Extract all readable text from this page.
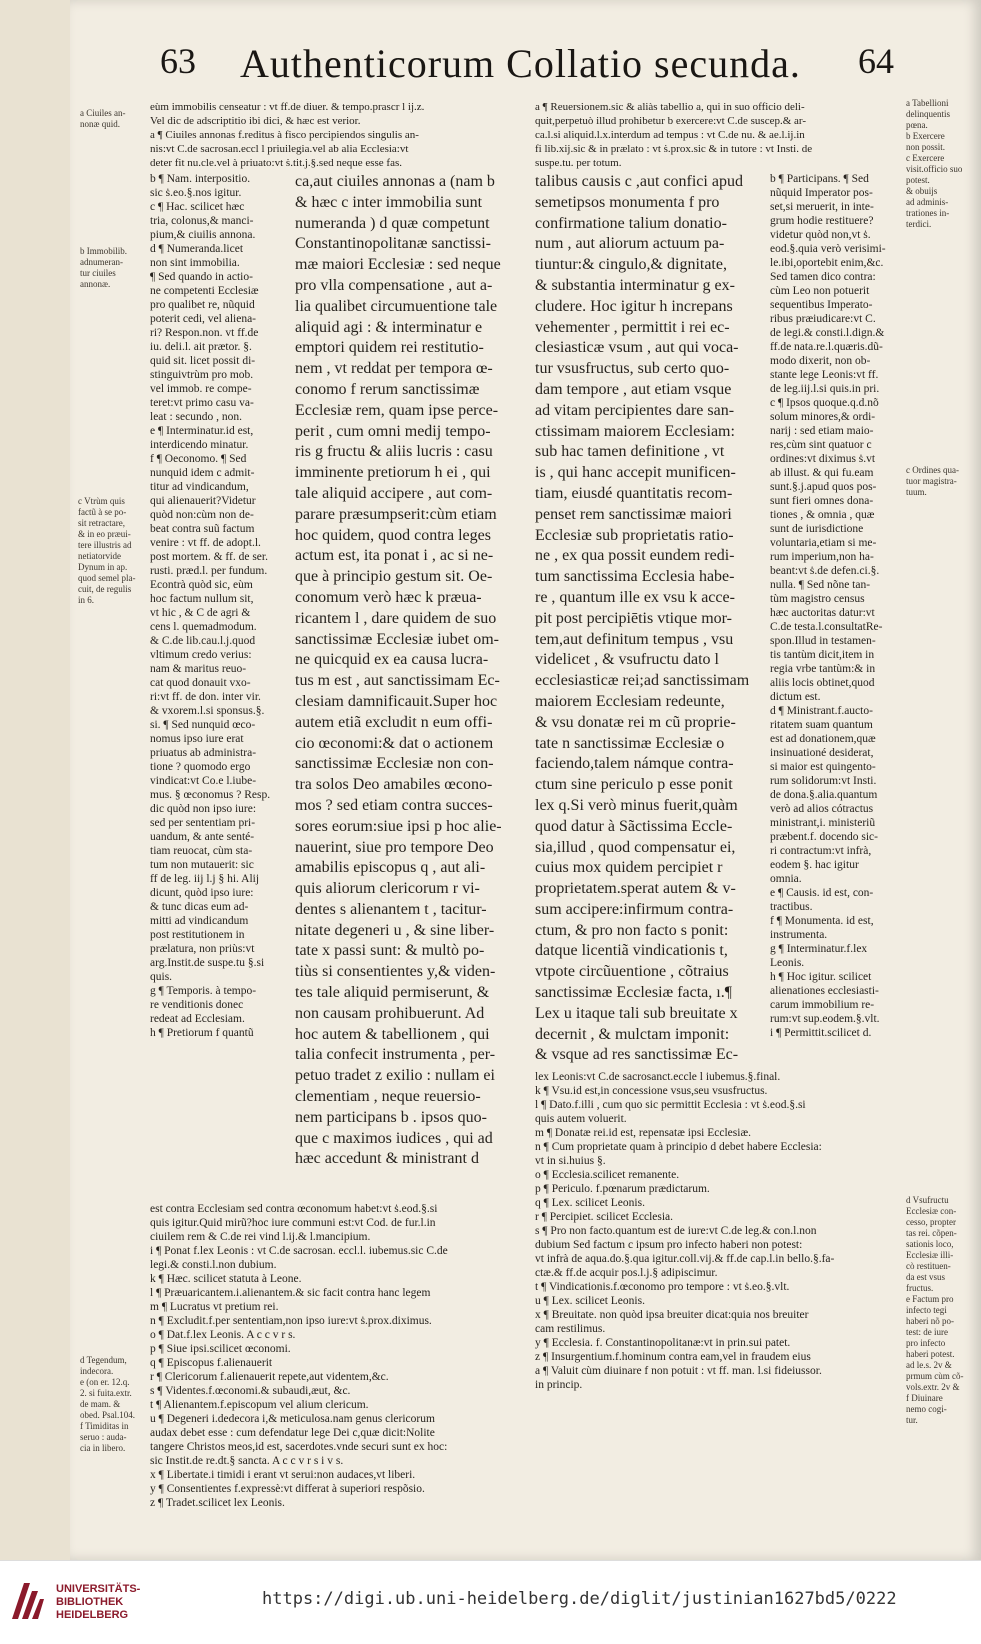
63 Authenticorum Collatio secunda. 64
eùm immobilis censeatur : vt ff.de diuer. & tempo.prascr l ij.z.
Vel dic de adscriptitio ibi dici, & hæc est verior.
a ¶ Ciuiles annonas f.reditus à fisco percipiendos singulis an-
nis:vt C.de sacrosan.eccl l priuilegia.vel ab alia Ecclesia:vt
deter fit nu.cle.vel à priuato:vt ṡ.tit.j.§.sed neque esse fas.
b ¶ Nam. interpositio.
sic ṡ.eo.§.nos igitur.
c ¶ Hac. scilicet hæc
tria, colonus,& manci-
pium,& ciuilis annona.
d ¶ Numeranda.licet
non sint immobilia.
¶ Sed quando in actio-
ne competenti Ecclesiæ
pro qualibet re, nũquid
poterit cedi, vel aliena-
ri? Respon.non. vt ff.de
iu. deli.l. ait prætor. §.
quid sit. licet possit di-
stinguivtrùm pro mob.
vel immob. re compe-
teret:vt primo casu va-
leat : secundo , non.
e ¶ Interminatur.id est,
interdicendo minatur.
f ¶ Oeconomo. ¶ Sed
nunquid idem c admit-
titur ad vindicandum,
qui alienauerit?Videtur
quòd non:cùm non de-
beat contra suũ factum
venire : vt ff. de adopt.l.
post mortem. & ff. de ser.
rusti. præd.l. per fundum.
Econtrà quòd sic, eùm
hoc factum nullum sit,
vt hic , & C de agri &
cens l. quemadmodum.
& C.de lib.cau.l.j.quod
vltimum credo verius:
nam & maritus reuo-
cat quod donauit vxo-
ri:vt ff. de don. inter vir.
& vxorem.l.si sponsus.§.
si. ¶ Sed nunquid œco-
nomus ipso iure erat
priuatus ab administra-
tione ? quomodo ergo
vindicat:vt Co.e l.iube-
mus. § œconomus ? Resp.
dic quòd non ipso iure:
sed per sententiam pri-
uandum, & ante senté-
tiam reuocat, cùm sta-
tum non mutauerit: sic
ff de leg. iij l.j § hi. Alij
dicunt, quòd ipso iure:
& tunc dicas eum ad-
mitti ad vindicandum
post restitutionem in
prælatura, non priùs:vt
arg.Instit.de suspe.tu §.si
quis.
g ¶ Temporis. à tempo-
re venditionis donec
redeat ad Ecclesiam.
h ¶ Pretiorum f quantũ
ca,aut ciuiles annonas a (nam b
& hæc c inter immobilia sunt
numeranda ) d quæ competunt
Constantinopolitanæ sanctissi-
mæ maiori Ecclesiæ : sed neque
pro vlla compensatione , aut a-
lia qualibet circumuentione tale
aliquid agi : & interminatur e
emptori quidem rei restitutio-
nem , vt reddat per tempora œ-
conomo f rerum sanctissimæ
Ecclesiæ rem, quam ipse perce-
perit , cum omni medij tempo-
ris g fructu & aliis lucris : casu
imminente pretiorum h ei , qui
tale aliquid accipere , aut com-
parare præsumpserit:cùm etiam
hoc quidem, quod contra leges
actum est, ita ponat i , ac si ne-
que à principio gestum sit. Oe-
conomum verò hæc k præua-
ricantem l , dare quidem de suo
sanctissimæ Ecclesiæ iubet om-
ne quicquid ex ea causa lucra-
tus m est , aut sanctissimam Ec-
clesiam damnificauit.Super hoc
autem etiã excludit n eum offi-
cio œconomi:& dat o actionem
sanctissimæ Ecclesiæ non con-
tra solos Deo amabiles œcono-
mos ? sed etiam contra succes-
sores eorum:siue ipsi p hoc alie-
nauerint, siue pro tempore Deo
amabilis episcopus q , aut ali-
quis aliorum clericorum r vi-
dentes s alienantem t , tacitur-
nitate degeneri u , & sine liber-
tate x passi sunt: & multò po-
tiùs si consentientes y,& viden-
tes tale aliquid permiserunt, &
non causam prohibuerunt. Ad
hoc autem & tabellionem , qui
talia confecit instrumenta , per-
petuo tradet z exilio : nullam ei
clementiam , neque reuersio-
nem participans b . ipsos quo-
que c maximos iudices , qui ad
hæc accedunt & ministrant d
est contra Ecclesiam sed contra œconomum habet:vt ṡ.eod.§.si
quis igitur.Quid mirũ?hoc iure communi est:vt Cod. de fur.l.in
ciuilem rem & C.de rei vind l.ij.& l.mancipium.
i ¶ Ponat f.lex Leonis : vt C.de sacrosan. eccl.l. iubemus.sic C.de
legi.& consti.l.non dubium.
k ¶ Hæc. scilicet statuta à Leone.
l ¶ Præuaricantem.i.alienantem.& sic facit contra hanc legem
m ¶ Lucratus vt pretium rei.
n ¶ Excludit.f.per sententiam,non ipso iure:vt ṡ.prox.diximus.
o ¶ Dat.f.lex Leonis. A c c v r s.
p ¶ Siue ipsi.scilicet œconomi.
q ¶ Episcopus f.alienauerit
r ¶ Clericorum f.alienauerit repete,aut videntem,&c.
s ¶ Videntes.f.œconomi.& subaudi,æut, &c.
t ¶ Alienantem.f.episcopum vel alium clericum.
u ¶ Degeneri i.dedecora i,& meticulosa.nam genus clericorum
audax debet esse : cum defendatur lege Dei c,quæ dicit:Nolite
tangere Christos meos,id est, sacerdotes.vnde securi sunt ex hoc:
sic Instit.de re.dt.§ sancta. A c c v r s i v s.
x ¶ Libertate.i timidi i erant vt serui:non audaces,vt liberi.
y ¶ Consentientes f.expressè:vt differat à superiori respõsio.
z ¶ Tradet.scilicet lex Leonis.
a ¶ Reuersionem.sic & aliàs tabellio a, qui in suo officio deli-
quit,perpetuò illud prohibetur b exercere:vt C.de suscep.& ar-
ca.l.si aliquid.l.x.interdum ad tempus : vt C.de nu. & ae.l.ij.in
fi lib.xij.sic & in prælato : vt ṡ.prox.sic & in tutore : vt Insti. de
suspe.tu. per totum.
talibus causis c ,aut confici apud
semetipsos monumenta f pro
confirmatione talium donatio-
num , aut aliorum actuum pa-
tiuntur:& cingulo,& dignitate,
& substantia interminatur g ex-
cludere. Hoc igitur h increpans
vehementer , permittit i rei ec-
clesiasticæ vsum , aut qui voca-
tur vsusfructus, sub certo quo-
dam tempore , aut etiam vsque
ad vitam percipientes dare san-
ctissimam maiorem Ecclesiam:
sub hac tamen definitione , vt
is , qui hanc accepit munificen-
tiam, eiusdé quantitatis recom-
penset rem sanctissimæ maiori
Ecclesiæ sub proprietatis ratio-
ne , ex qua possit eundem redi-
tum sanctissima Ecclesia habe-
re , quantum ille ex vsu k acce-
pit post percipiētis vtique mor-
tem,aut definitum tempus , vsu
videlicet , & vsufructu dato l
ecclesiasticæ rei;ad sanctissimam
maiorem Ecclesiam redeunte,
& vsu donatæ rei m cũ proprie-
tate n sanctissimæ Ecclesiæ o
faciendo,talem námque contra-
ctum sine periculo p esse ponit
lex q.Si verò minus fuerit,quàm
quod datur à Sãctissima Eccle-
sia,illud , quod compensatur ei,
cuius mox quidem percipiet r
proprietatem.sperat autem & v-
sum accipere:infirmum contra-
ctum, & pro non facto s ponit:
datque licentiã vindicationis t,
vtpote circũuentione , cõtraius
sanctissimæ Ecclesiæ facta, ı.¶
Lex u itaque tali sub breuitate x
decernit , & mulctam imponit:
& vsque ad res sanctissimæ Ec-

b ¶ Participans. ¶ Sed
nũquid Imperator pos-
set,si meruerit, in inte-
grum hodie restituere?
videtur quòd non,vt ṡ.
eod.§.quia verò verisimi-
le.ibi,oportebit enim,&c.
Sed tamen dico contra:
cùm Leo non potuerit
sequentibus Imperato-
ribus præiudicare:vt C.
de legi.& consti.l.dign.&
ff.de nata.re.l.quæris.dũ-
modo dixerit, non ob-
stante lege Leonis:vt ff.
de leg.iij.l.si quis.in pri.
c ¶ Ipsos quoque.q.d.nõ
solum minores,& ordi-
narij : sed etiam maio-
res,cùm sint quatuor c
ordines:vt diximus ṡ.vt
ab illust. & qui fu.eam
sunt.§.j.apud quos pos-
sunt fieri omnes dona-
tiones , & omnia , quæ
sunt de iurisdictione
voluntaria,etiam si me-
rum imperium,non ha-
beant:vt ṡ.de defen.ci.§.
nulla. ¶ Sed nõne tan-
tùm magistro census
hæc auctoritas datur:vt
C.de testa.l.consultatRe-
spon.Illud in testamen-
tis tantùm dicit,item in
regia vrbe tantùm:& in
aliis locis obtinet,quod
dictum est.
d ¶ Ministrant.f.aucto-
ritatem suam quantum
est ad donationem,quæ
insinuationé desiderat,
si maior est quingento-
rum solidorum:vt Insti.
de dona.§.alia.quantum
verò ad alios cótractus
ministrant,i. ministeriũ
præbent.f. docendo sic-
ri contractum:vt infrà,
eodem §. hac igitur
omnia.
e ¶ Causis. id est, con-
tractibus.
f ¶ Monumenta. id est,
instrumenta.
g ¶ Interminatur.f.lex
Leonis.
h ¶ Hoc igitur. scilicet
alienationes ecclesiasti-
carum immobilium re-
rum:vt sup.eodem.§.vlt.
i ¶ Permittit.scilicet d.
lex Leonis:vt C.de sacrosanct.eccle l iubemus.§.final.
k ¶ Vsu.id est,in concessione vsus,seu vsusfructus.
l ¶ Dato.f.illi , cum quo sic permittit Ecclesia : vt ṡ.eod.§.si
quis autem voluerit.
m ¶ Donatæ rei.id est, repensatæ ipsi Ecclesiæ.
n ¶ Cum proprietate quam à principio d debet habere Ecclesia:
vt in si.huius §.
o ¶ Ecclesia.scilicet remanente.
p ¶ Periculo. f.pœnarum prædictarum.
q ¶ Lex. scilicet Leonis.
r ¶ Percipiet. scilicet Ecclesia.
s ¶ Pro non facto.quantum est de iure:vt C.de leg.& con.l.non
dubium Sed factum c ipsum pro infecto haberi non potest:
vt infrà de aqua.do.§.qua igitur.coll.vij.& ff.de cap.l.in bello.§.fa-
ctæ.& ff.de acquir pos.l.j.§ adipiscimur.
t ¶ Vindicationis.f.œconomo pro tempore : vt ṡ.eo.§.vlt.
u ¶ Lex. scilicet Leonis.
x ¶ Breuitate. non quòd ipsa breuiter dicat:quia nos breuiter
cam restilimus.
y ¶ Ecclesia. f. Constantinopolitanæ:vt in prin.sui patet.
z ¶ Insurgentium.f.hominum contra eam,vel in fraudem eius
a ¶ Valuit cùm diuinare f non potuit : vt ff. man. l.si fideiussor.
in princip.
a Ciuiles an-
nonæ quid.
b Immobilib.
adnumeran-
tur ciuiles
annonæ.
c Vtrùm quis
factũ à se po-
sit retractare,
& in eo præui-
tere illustris ad
netiatorvide
Dynum in ap.
quod semel pla-
cuit, de regulis
in 6.
d Tegendum,
indecora.
e (on er. 12.q.
2. si fuita.extr.
de mam. &
obed. Psal.104.
f Timiditas in
seruo : auda-
cia in libero.
a Tabellioni
delinquentis
pœna.
b Exercere
non possit.
c Exercere
visit.officio suo
potest.
& obuijs
ad adminis-
trationes in-
terdici.
c Ordines qua-
tuor magistra-
tuum.
d Vsufructu
Ecclesiæ con-
cesso, propter
tas rei. cõpen-
sationis loco,
Ecclesiæ illi-
cò restituen-
da est vsus
fructus.
e Factum pro
infecto tegi
haberi nõ po-
test: de iure
pro infecto
haberi potest.
ad le.s. 2v &
prmum cùm cõ-
vols.extr. 2v &
f Diuinare
nemo cogi-
tur.
UNIVERSITÄTS-
BIBLIOTHEK
HEIDELBERG
https://digi.ub.uni-heidelberg.de/diglit/justinian1627bd5/0222
